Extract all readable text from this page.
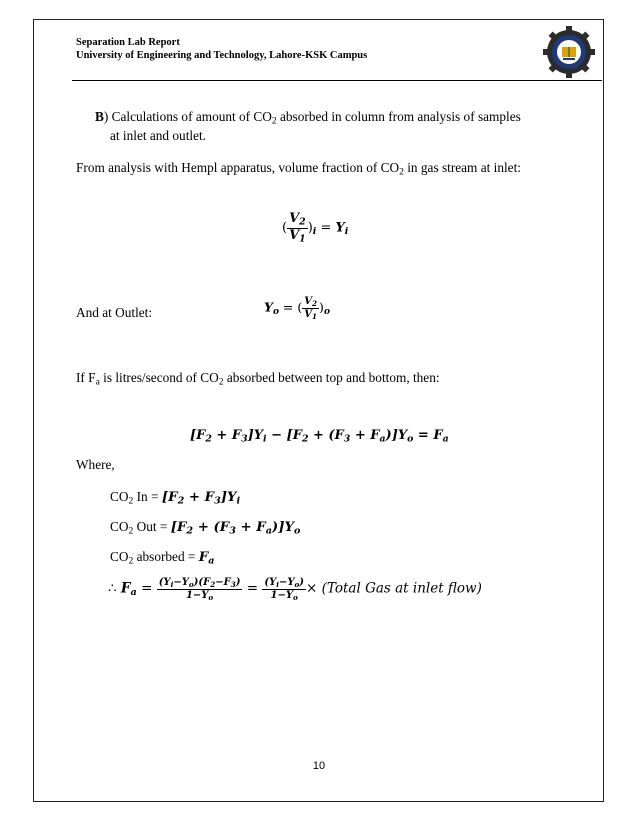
Separation Lab Report
University of Engineering and Technology, Lahore-KSK Campus
B) Calculations of amount of $CO_2$ absorbed in column from analysis of samples
at inlet and outlet.
From analysis with Hempl apparatus, volume fraction of $CO_2$ in gas stream at inlet:
( $\frac{V_2}{V_1} )_i = Y_i$
And at Outlet:	$Y_o$ = ( $\frac{V_2}{V_1} )_o$
If $F_a$ is litres/second of $CO_2$ absorbed between top and bottom, then:
$[F_2 + F_3]Y_i - [F_2 + (F_3 + F_a)]Y_o = F_a$
Where,
$CO_2$ $In = [F_2 + F_3]Y_i$
$CO_2$ Out = $[F_2 + (F_3 + F_a)]Y_o$
$CO_2$ absorbed = $F_a$
∴ $F_a = \frac{(Y_i-Y_o)(F_2-F_3)}{1-Y_o} = \frac{(Y_i-Y_o)}{1-Y_o}$ × (Total Gas at inlet flow)
10
